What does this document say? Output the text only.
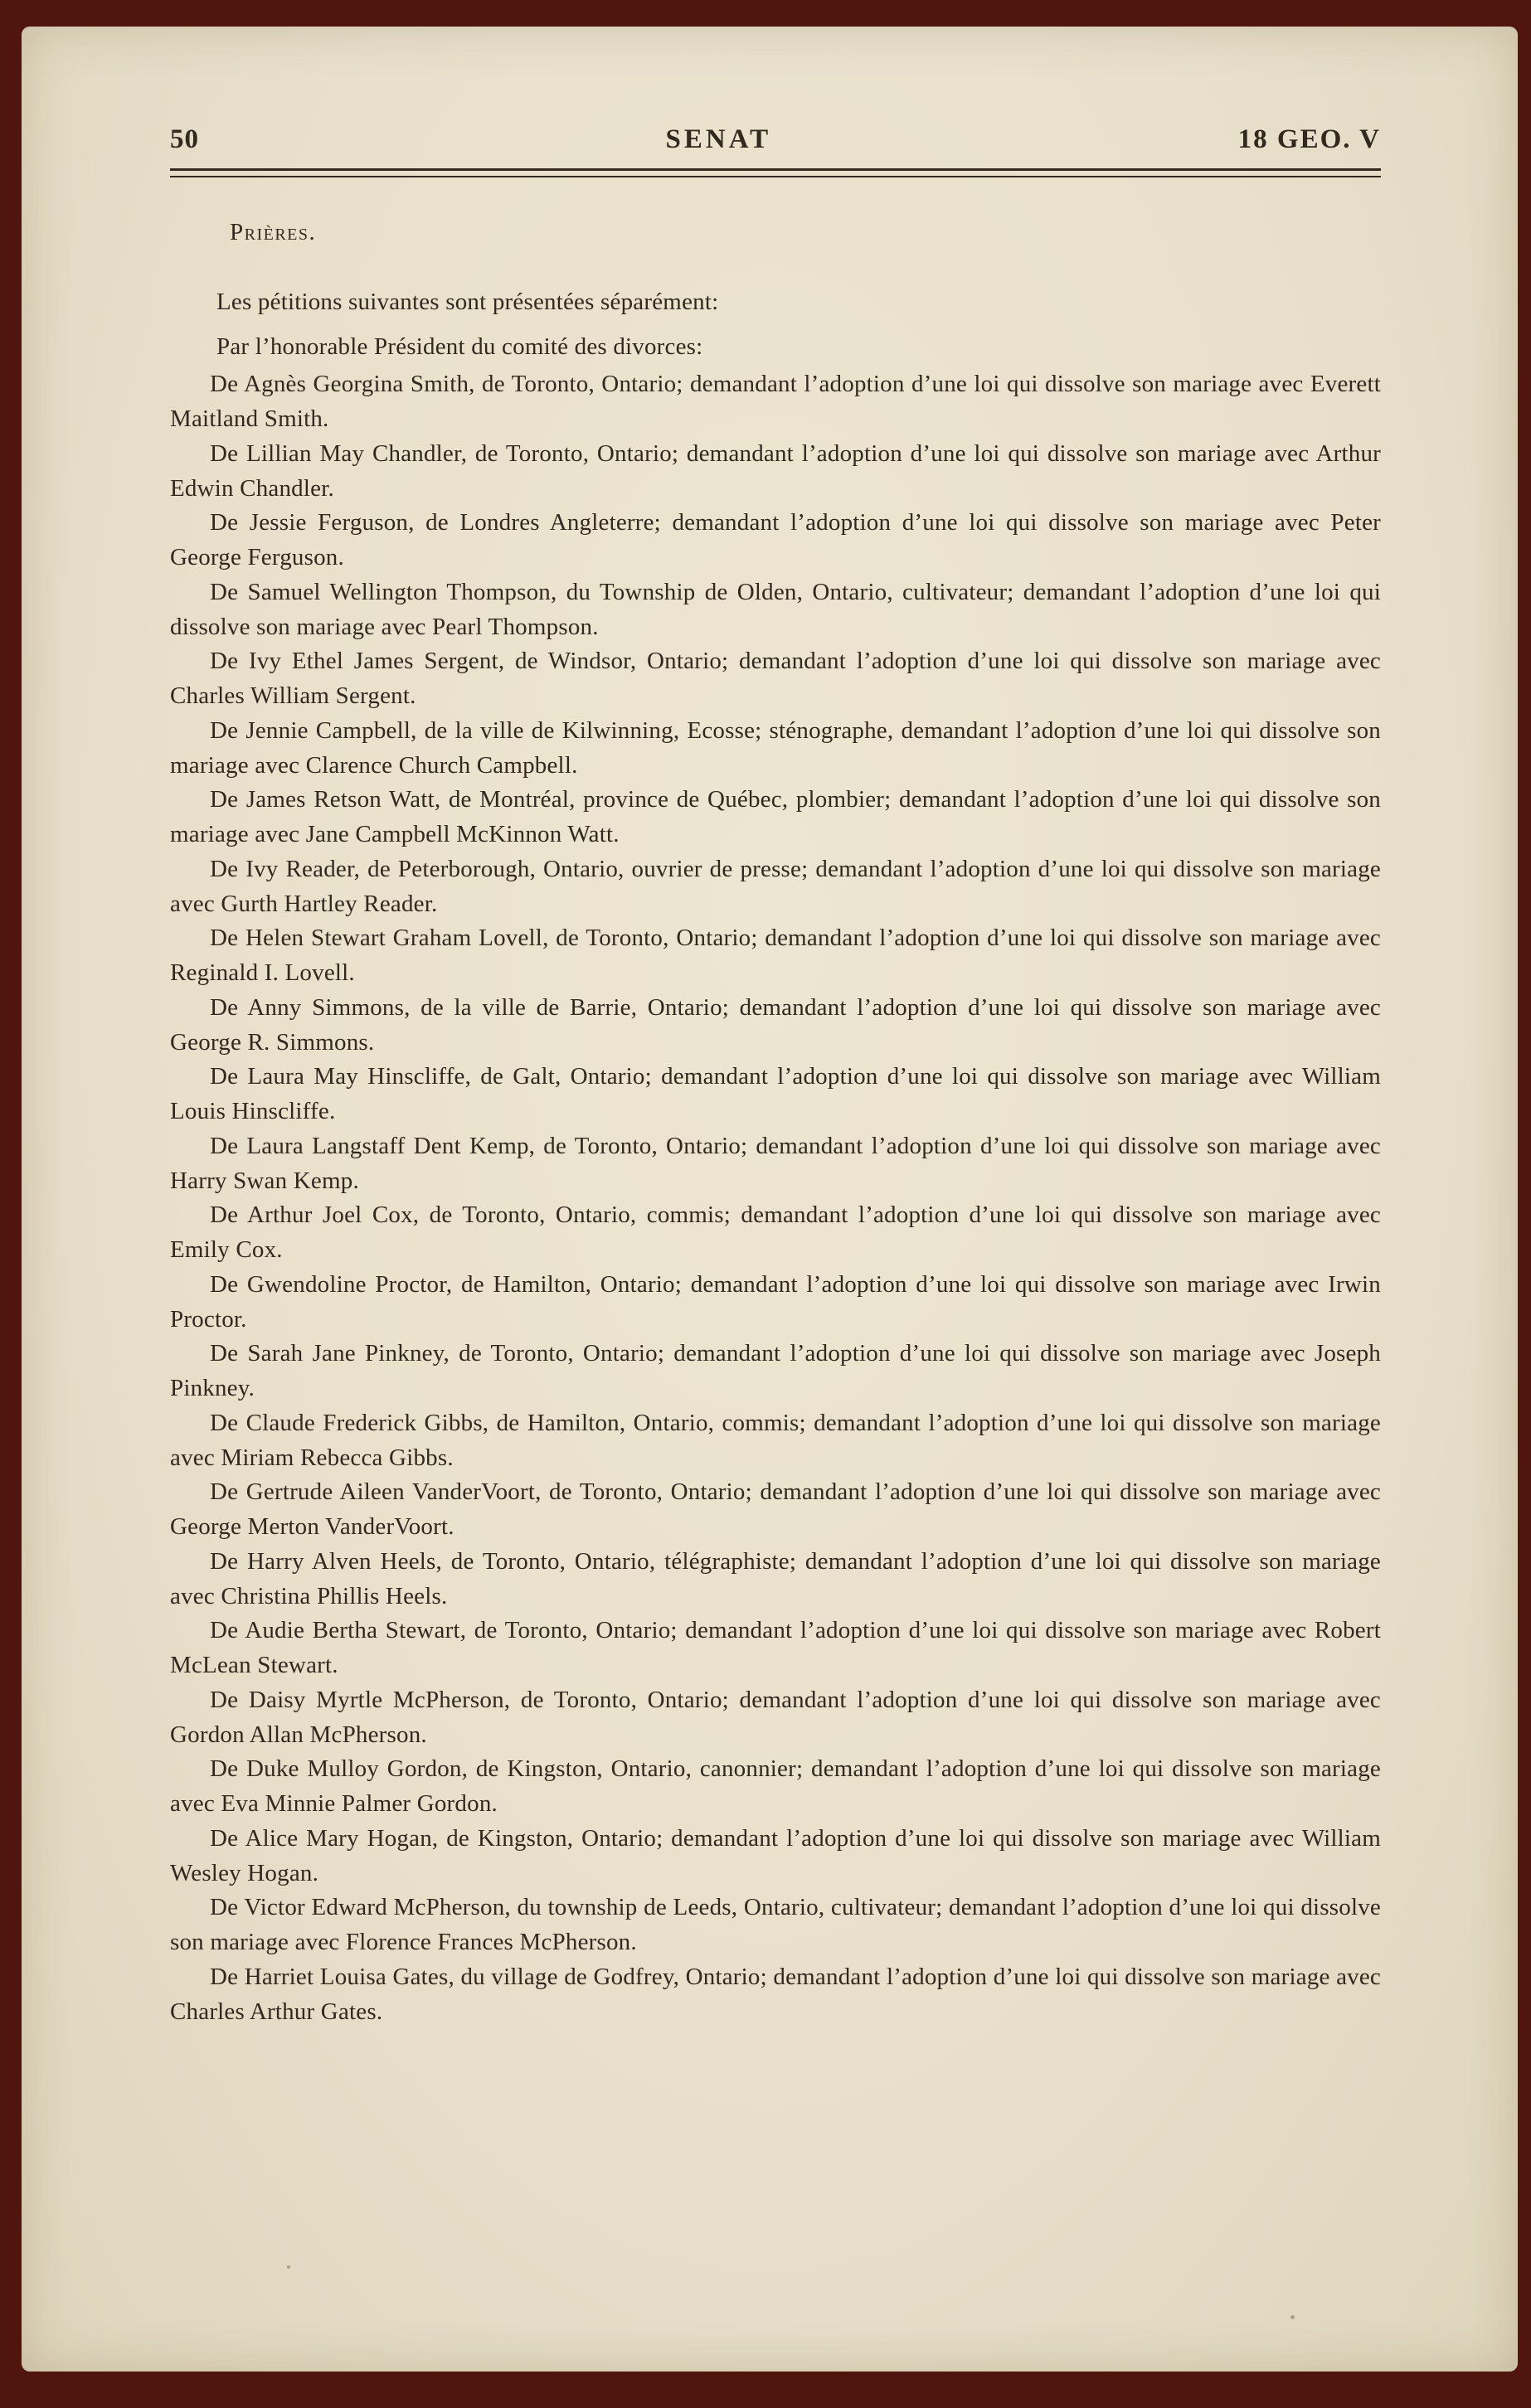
50	SENAT	18 GEO. V

Prières.

Les pétitions suivantes sont présentées séparément:

Par l’honorable Président du comité des divorces:

De Agnès Georgina Smith, de Toronto, Ontario; demandant l’adoption d’une loi qui dissolve son mariage avec Everett Maitland Smith.

De Lillian May Chandler, de Toronto, Ontario; demandant l’adoption d’une loi qui dissolve son mariage avec Arthur Edwin Chandler.

De Jessie Ferguson, de Londres Angleterre; demandant l’adoption d’une loi qui dissolve son mariage avec Peter George Ferguson.

De Samuel Wellington Thompson, du Township de Olden, Ontario, cultivateur; demandant l’adoption d’une loi qui dissolve son mariage avec Pearl Thompson.

De Ivy Ethel James Sergent, de Windsor, Ontario; demandant l’adoption d’une loi qui dissolve son mariage avec Charles William Sergent.

De Jennie Campbell, de la ville de Kilwinning, Ecosse; sténographe, demandant l’adoption d’une loi qui dissolve son mariage avec Clarence Church Campbell.

De James Retson Watt, de Montréal, province de Québec, plombier; demandant l’adoption d’une loi qui dissolve son mariage avec Jane Campbell McKinnon Watt.

De Ivy Reader, de Peterborough, Ontario, ouvrier de presse; demandant l’adoption d’une loi qui dissolve son mariage avec Gurth Hartley Reader.

De Helen Stewart Graham Lovell, de Toronto, Ontario; demandant l’adoption d’une loi qui dissolve son mariage avec Reginald I. Lovell.

De Anny Simmons, de la ville de Barrie, Ontario; demandant l’adoption d’une loi qui dissolve son mariage avec George R. Simmons.

De Laura May Hinscliffe, de Galt, Ontario; demandant l’adoption d’une loi qui dissolve son mariage avec William Louis Hinscliffe.

De Laura Langstaff Dent Kemp, de Toronto, Ontario; demandant l’adoption d’une loi qui dissolve son mariage avec Harry Swan Kemp.

De Arthur Joel Cox, de Toronto, Ontario, commis; demandant l’adoption d’une loi qui dissolve son mariage avec Emily Cox.

De Gwendoline Proctor, de Hamilton, Ontario; demandant l’adoption d’une loi qui dissolve son mariage avec Irwin Proctor.

De Sarah Jane Pinkney, de Toronto, Ontario; demandant l’adoption d’une loi qui dissolve son mariage avec Joseph Pinkney.

De Claude Frederick Gibbs, de Hamilton, Ontario, commis; demandant l’adoption d’une loi qui dissolve son mariage avec Miriam Rebecca Gibbs.

De Gertrude Aileen VanderVoort, de Toronto, Ontario; demandant l’adoption d’une loi qui dissolve son mariage avec George Merton VanderVoort.

De Harry Alven Heels, de Toronto, Ontario, télégraphiste; demandant l’adoption d’une loi qui dissolve son mariage avec Christina Phillis Heels.

De Audie Bertha Stewart, de Toronto, Ontario; demandant l’adoption d’une loi qui dissolve son mariage avec Robert McLean Stewart.

De Daisy Myrtle McPherson, de Toronto, Ontario; demandant l’adoption d’une loi qui dissolve son mariage avec Gordon Allan McPherson.

De Duke Mulloy Gordon, de Kingston, Ontario, canonnier; demandant l’adoption d’une loi qui dissolve son mariage avec Eva Minnie Palmer Gordon.

De Alice Mary Hogan, de Kingston, Ontario; demandant l’adoption d’une loi qui dissolve son mariage avec William Wesley Hogan.

De Victor Edward McPherson, du township de Leeds, Ontario, cultivateur; demandant l’adoption d’une loi qui dissolve son mariage avec Florence Frances McPherson.

De Harriet Louisa Gates, du village de Godfrey, Ontario; demandant l’adoption d’une loi qui dissolve son mariage avec Charles Arthur Gates.
